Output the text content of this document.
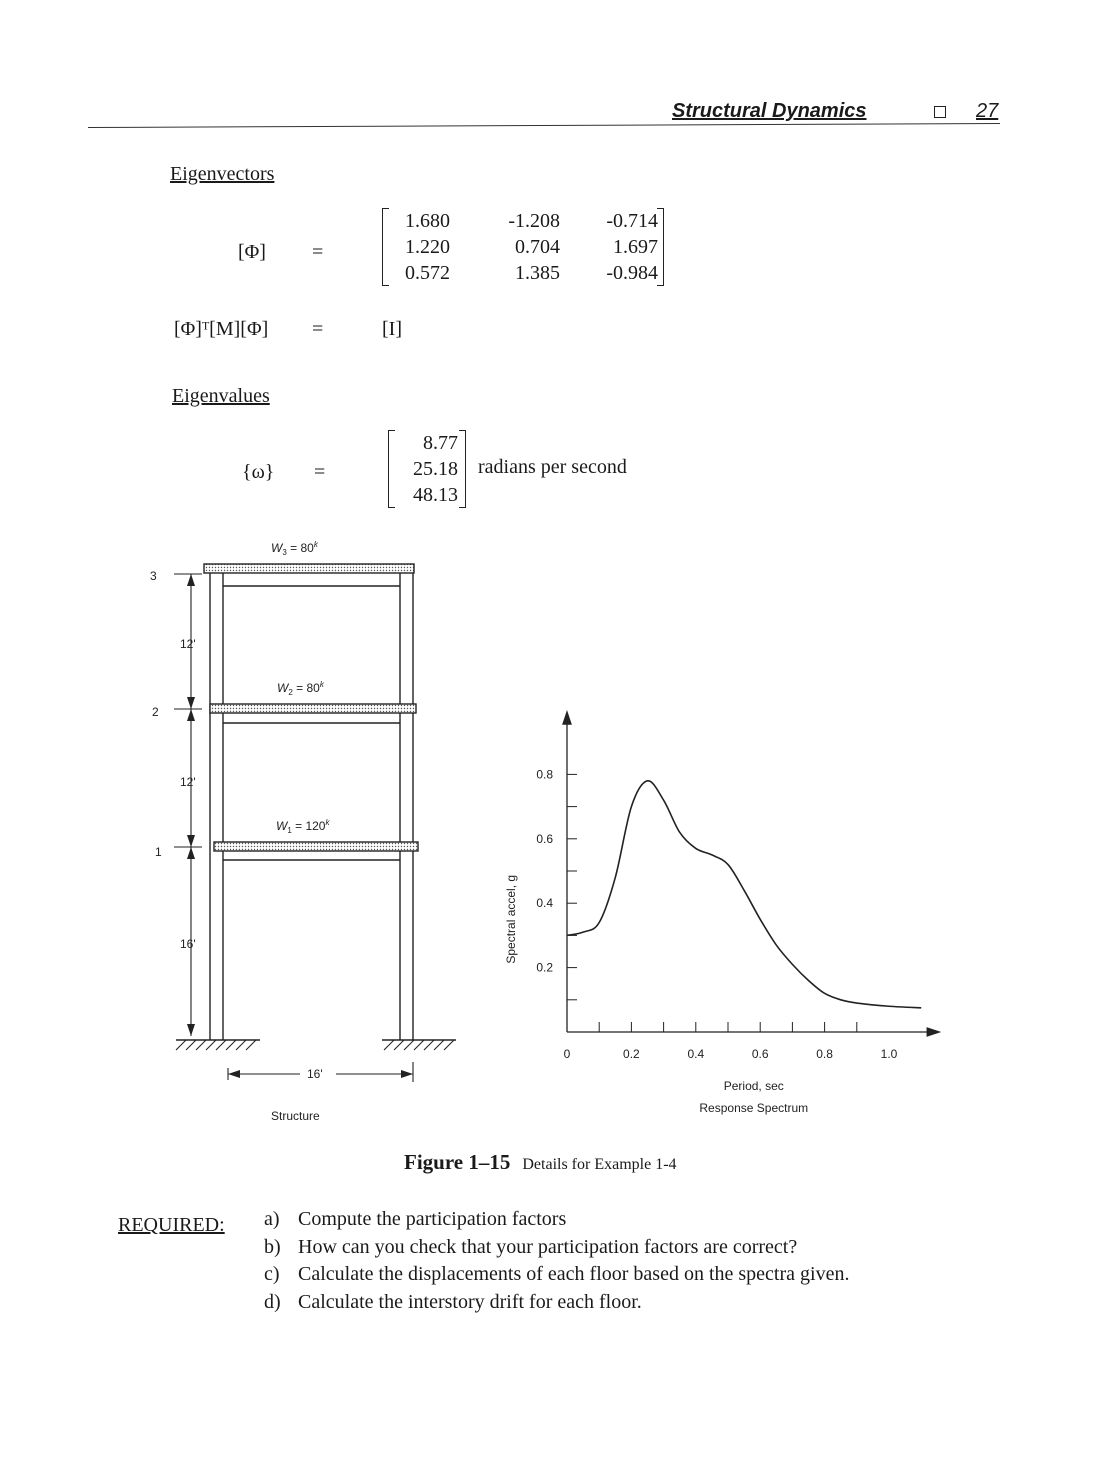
Structural Dynamics	27
Eigenvectors
[Φ] =
1.680	-1.208	-0.714
1.220	0.704	1.697
0.572	1.385	-0.984
[Φ]ᵀ[M][Φ] =	[I]
Eigenvalues
{ω} =
8.77
25.18
48.13
radians per second
$W_3 = 80^k$
$W_2 = 80^k$
$W_1 = 120^k$
3
2
1
12'
12'
16'
16'
Structure
0.2
0.4
0.6
0.8
0	0.2	0.4	0.6	0.8	1.0
Period, sec
Spectral accel, g
Response Spectrum
Figure 1–15 Details for Example 1-4
REQUIRED: a) Compute the participation factors
b) How can you check that your participation factors are correct?
c) Calculate the displacements of each floor based on the spectra given.
d) Calculate the interstory drift for each floor.
